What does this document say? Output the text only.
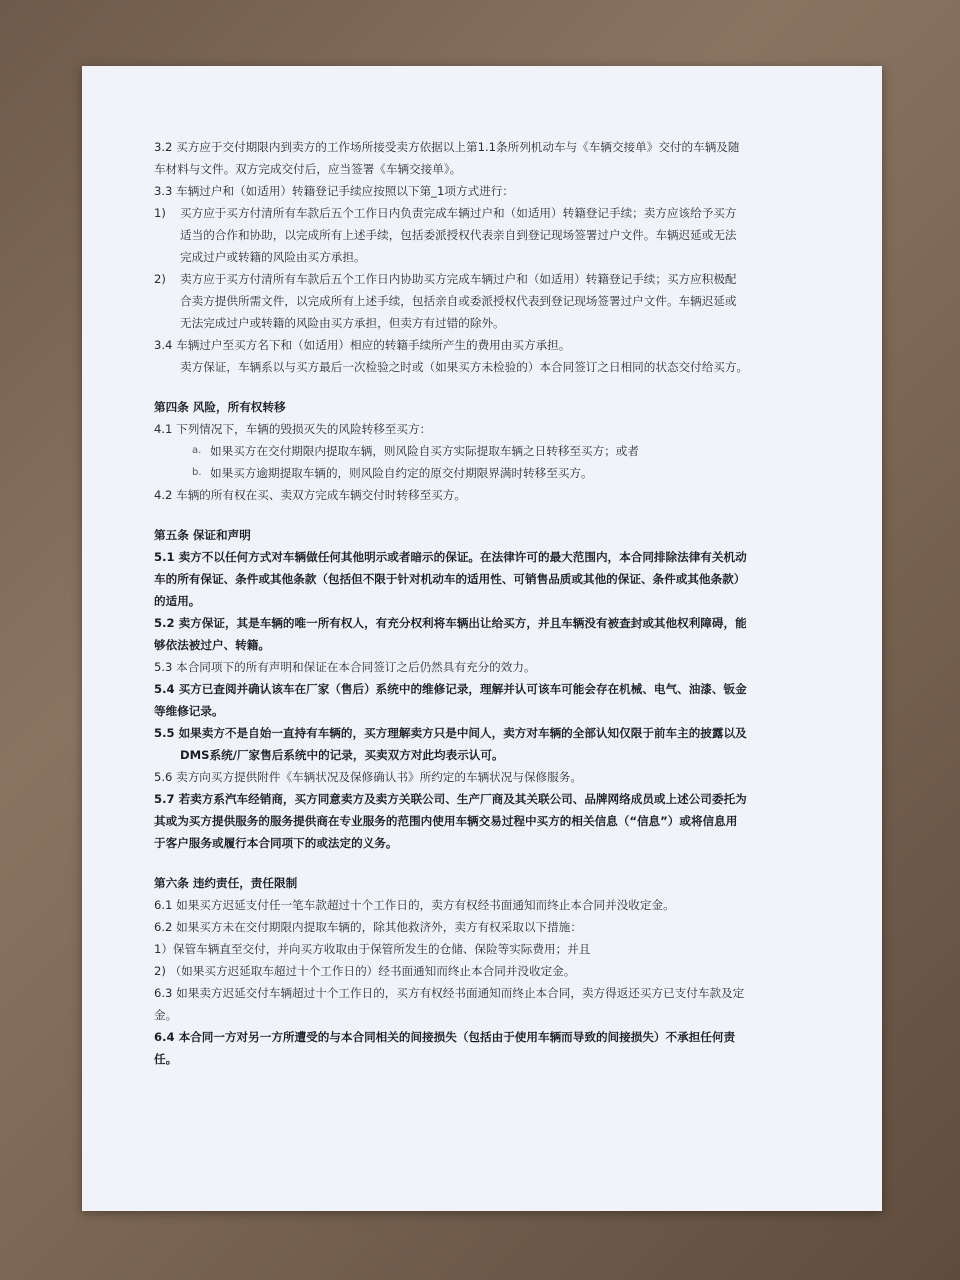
3.2 买方应于交付期限内到卖方的工作场所接受卖方依据以上第1.1条所列机动车与《车辆交接单》交付的车辆及随

车材料与文件。双方完成交付后，应当签署《车辆交接单》。

3.3 车辆过户和（如适用）转籍登记手续应按照以下第_1项方式进行：

1)	买方应于买方付清所有车款后五个工作日内负责完成车辆过户和（如适用）转籍登记手续；卖方应该给予买方

适当的合作和协助，以完成所有上述手续，包括委派授权代表亲自到登记现场签署过户文件。车辆迟延或无法

完成过户或转籍的风险由买方承担。

2)	卖方应于买方付清所有车款后五个工作日内协助买方完成车辆过户和（如适用）转籍登记手续；买方应积极配

合卖方提供所需文件，以完成所有上述手续，包括亲自或委派授权代表到登记现场签署过户文件。车辆迟延或

无法完成过户或转籍的风险由买方承担，但卖方有过错的除外。

3.4 车辆过户至买方名下和（如适用）相应的转籍手续所产生的费用由买方承担。

卖方保证，车辆系以与买方最后一次检验之时或（如果买方未检验的）本合同签订之日相同的状态交付给买方。

第四条 风险，所有权转移

4.1 下列情况下，车辆的毁损灭失的风险转移至买方：

a. 如果买方在交付期限内提取车辆，则风险自买方实际提取车辆之日转移至买方；或者
b. 如果买方逾期提取车辆的，则风险自约定的原交付期限界满时转移至买方。

4.2 车辆的所有权在买、卖双方完成车辆交付时转移至买方。

第五条 保证和声明

5.1 卖方不以任何方式对车辆做任何其他明示或者暗示的保证。在法律许可的最大范围内，本合同排除法律有关机动

车的所有保证、条件或其他条款（包括但不限于针对机动车的适用性、可销售品质或其他的保证、条件或其他条款）

的适用。

5.2 卖方保证，其是车辆的唯一所有权人，有充分权利将车辆出让给买方，并且车辆没有被查封或其他权利障碍，能

够依法被过户、转籍。

5.3 本合同项下的所有声明和保证在本合同签订之后仍然具有充分的效力。

5.4 买方已查阅并确认该车在厂家（售后）系统中的维修记录，理解并认可该车可能会存在机械、电气、油漆、钣金

等维修记录。

5.5 如果卖方不是自始一直持有车辆的，买方理解卖方只是中间人，卖方对车辆的全部认知仅限于前车主的披露以及

DMS系统/厂家售后系统中的记录，买卖双方对此均表示认可。

5.6 卖方向买方提供附件《车辆状况及保修确认书》所约定的车辆状况与保修服务。

5.7 若卖方系汽车经销商，买方同意卖方及卖方关联公司、生产厂商及其关联公司、品牌网络成员或上述公司委托为

其或为买方提供服务的服务提供商在专业服务的范围内使用车辆交易过程中买方的相关信息（“信息”）或将信息用

于客户服务或履行本合同项下的或法定的义务。

第六条 违约责任，责任限制

6.1 如果买方迟延支付任一笔车款超过十个工作日的，卖方有权经书面通知而终止本合同并没收定金。

6.2 如果买方未在交付期限内提取车辆的，除其他救济外，卖方有权采取以下措施：

1）保管车辆直至交付，并向买方收取由于保管所发生的仓储、保险等实际费用；并且

2) （如果买方迟延取车超过十个工作日的）经书面通知而终止本合同并没收定金。

6.3 如果卖方迟延交付车辆超过十个工作日的，买方有权经书面通知而终止本合同，卖方得返还买方已支付车款及定

金。

6.4 本合同一方对另一方所遭受的与本合同相关的间接损失（包括由于使用车辆而导致的间接损失）不承担任何责

任。
